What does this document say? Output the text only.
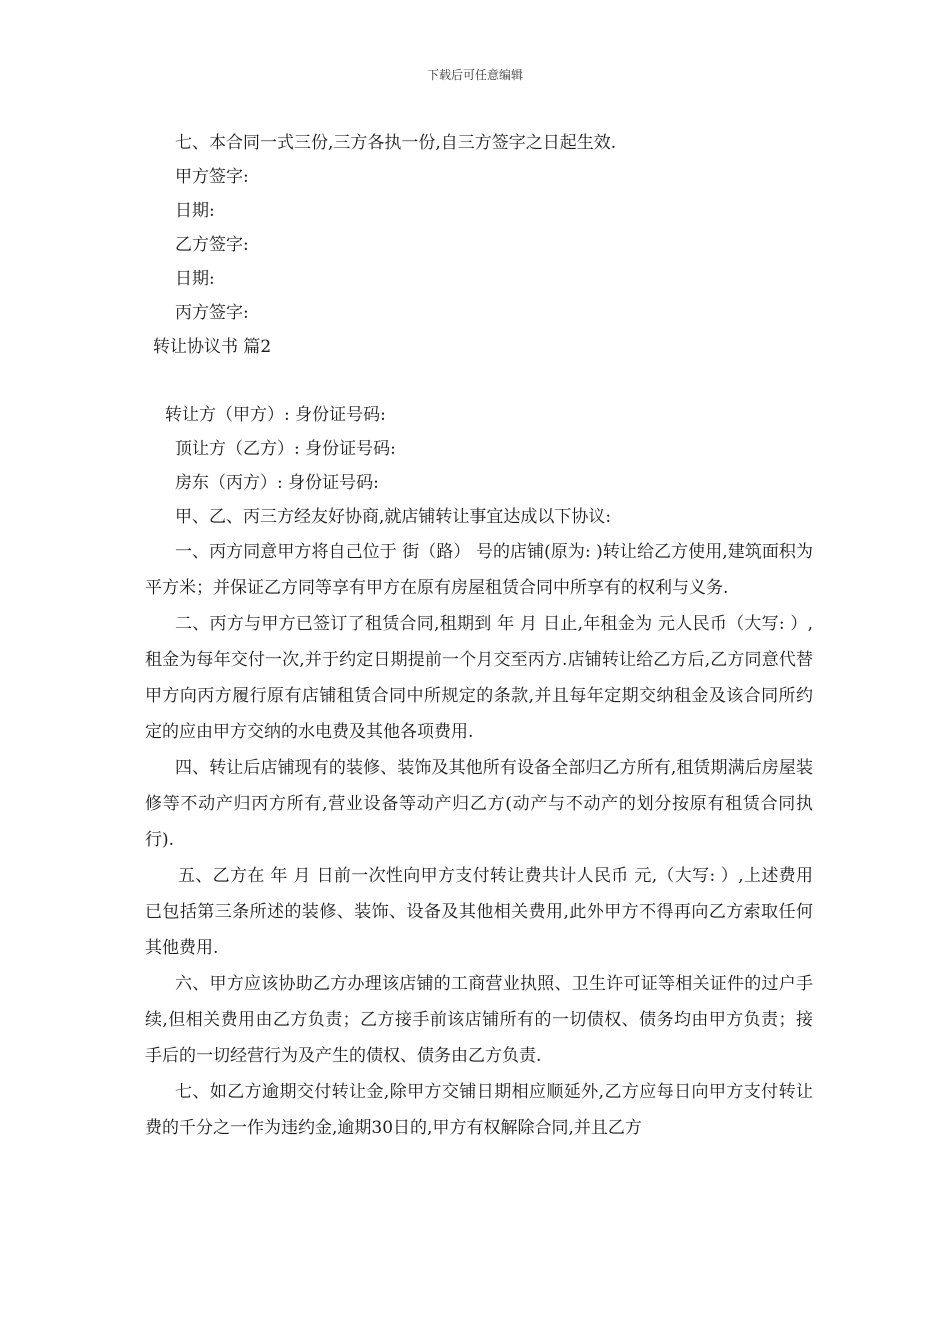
下载后可任意编辑
七、本合同一式三份,三方各执一份,自三方签字之日起生效.
甲方签字:
日期:
乙方签字:
日期:
丙方签字:
转让协议书 篇2
转让方（甲方）: 身份证号码:
顶让方（乙方）: 身份证号码:
房东（丙方）: 身份证号码:
甲、乙、丙三方经友好协商,就店铺转让事宜达成以下协议:

一、丙方同意甲方将自己位于 街（路） 号的店铺(原为: )转让给乙方使用,建筑面积为 平方米；并保证乙方同等享有甲方在原有房屋租赁合同中所享有的权利与义务.

二、丙方与甲方已签订了租赁合同,租期到 年 月 日止,年租金为 元人民币（大写: ）,租金为每年交付一次,并于约定日期提前一个月交至丙方.店铺转让给乙方后,乙方同意代替甲方向丙方履行原有店铺租赁合同中所规定的条款,并且每年定期交纳租金及该合同所约定的应由甲方交纳的水电费及其他各项费用.

四、转让后店铺现有的装修、装饰及其他所有设备全部归乙方所有,租赁期满后房屋装修等不动产归丙方所有,营业设备等动产归乙方(动产与不动产的划分按原有租赁合同执行).

五、乙方在 年 月 日前一次性向甲方支付转让费共计人民币 元,（大写: ）,上述费用已包括第三条所述的装修、装饰、设备及其他相关费用,此外甲方不得再向乙方索取任何其他费用.

六、甲方应该协助乙方办理该店铺的工商营业执照、卫生许可证等相关证件的过户手续,但相关费用由乙方负责；乙方接手前该店铺所有的一切债权、债务均由甲方负责；接手后的一切经营行为及产生的债权、债务由乙方负责.

七、如乙方逾期交付转让金,除甲方交铺日期相应顺延外,乙方应每日向甲方支付转让费的千分之一作为违约金,逾期30日的,甲方有权解除合同,并且乙方
